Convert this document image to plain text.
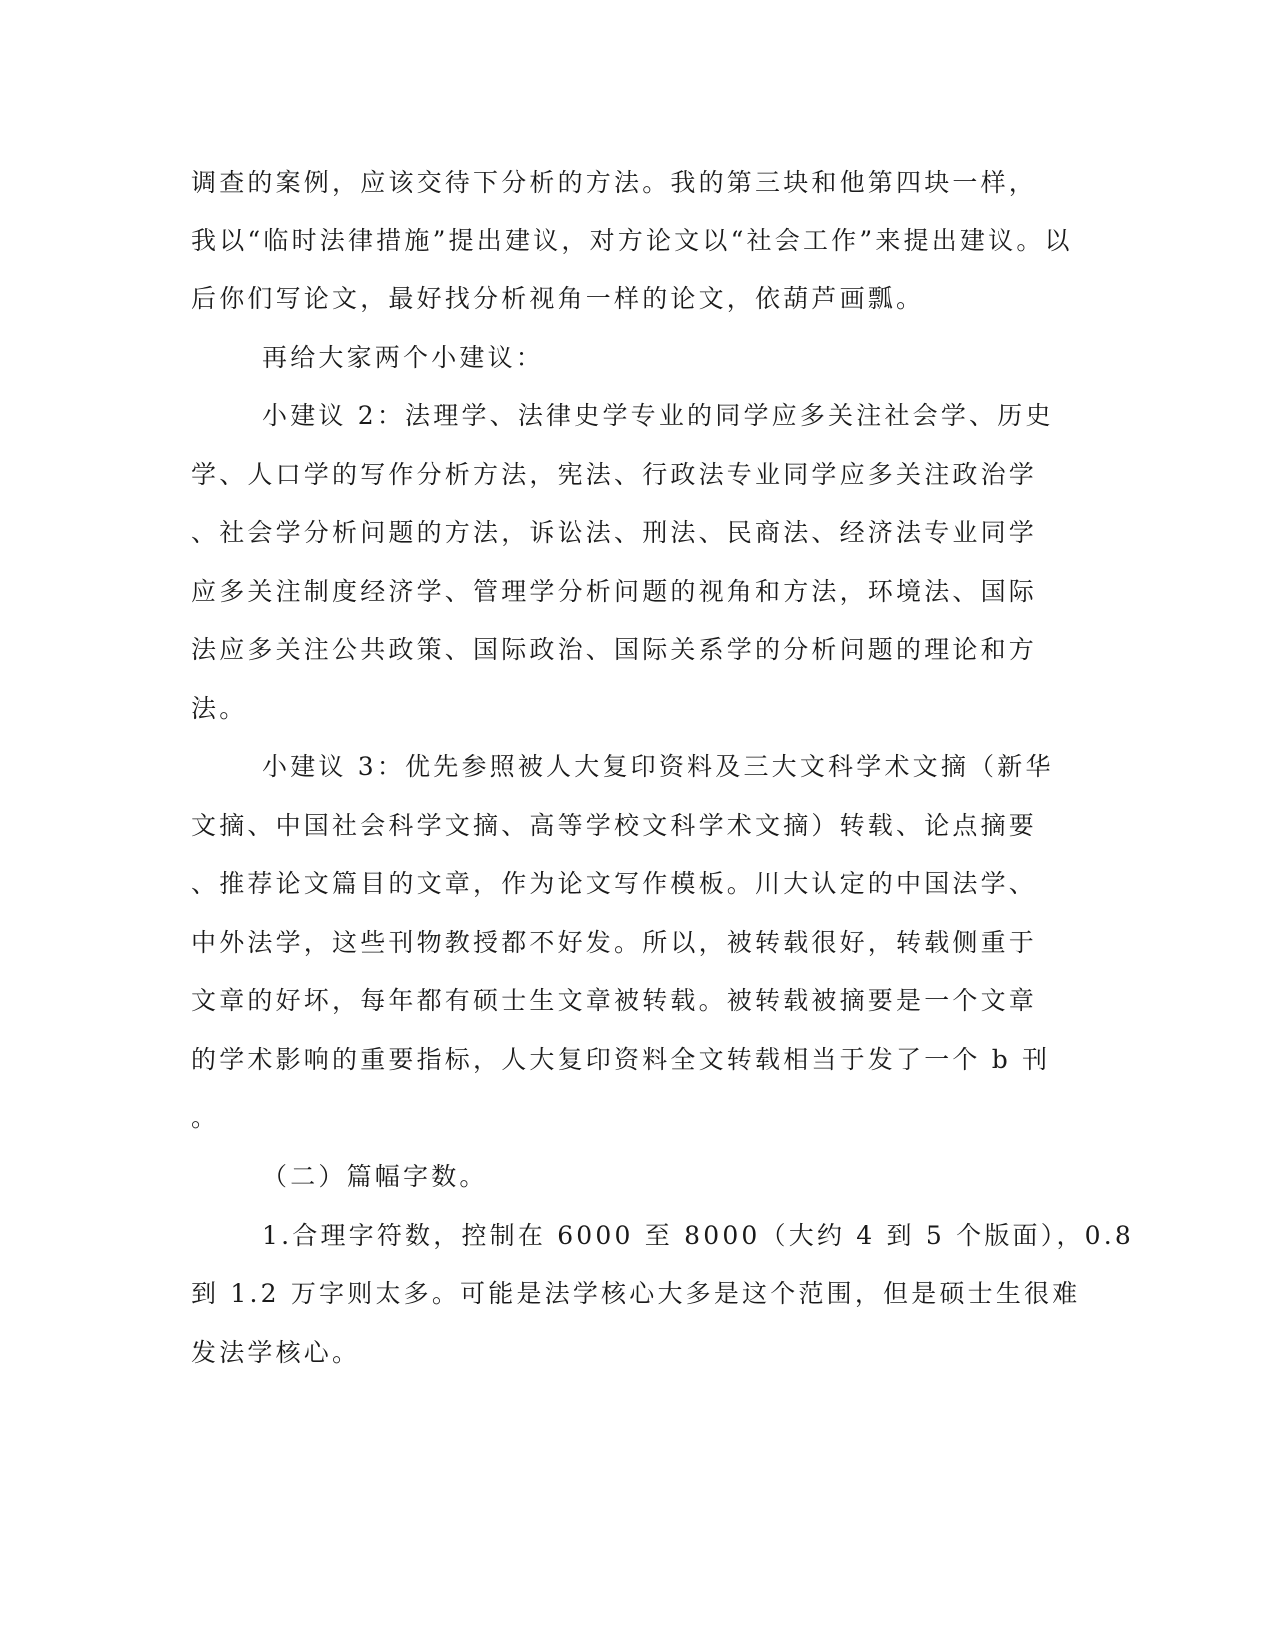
调查的案例，应该交待下分析的方法。我的第三块和他第四块一样，
我以“临时法律措施”提出建议，对方论文以“社会工作”来提出建议。以
后你们写论文，最好找分析视角一样的论文，依葫芦画瓢。
再给大家两个小建议：
小建议 2：法理学、法律史学专业的同学应多关注社会学、历史
学、人口学的写作分析方法，宪法、行政法专业同学应多关注政治学
、社会学分析问题的方法，诉讼法、刑法、民商法、经济法专业同学
应多关注制度经济学、管理学分析问题的视角和方法，环境法、国际
法应多关注公共政策、国际政治、国际关系学的分析问题的理论和方
法。
小建议 3：优先参照被人大复印资料及三大文科学术文摘（新华
文摘、中国社会科学文摘、高等学校文科学术文摘）转载、论点摘要
、推荐论文篇目的文章，作为论文写作模板。川大认定的中国法学、
中外法学，这些刊物教授都不好发。所以，被转载很好，转载侧重于
文章的好坏，每年都有硕士生文章被转载。被转载被摘要是一个文章
的学术影响的重要指标，人大复印资料全文转载相当于发了一个 b 刊
。
（二）篇幅字数。
1.合理字符数，控制在 6000 至 8000（大约 4 到 5 个版面），0.8
到 1.2 万字则太多。可能是法学核心大多是这个范围，但是硕士生很难
发法学核心。
